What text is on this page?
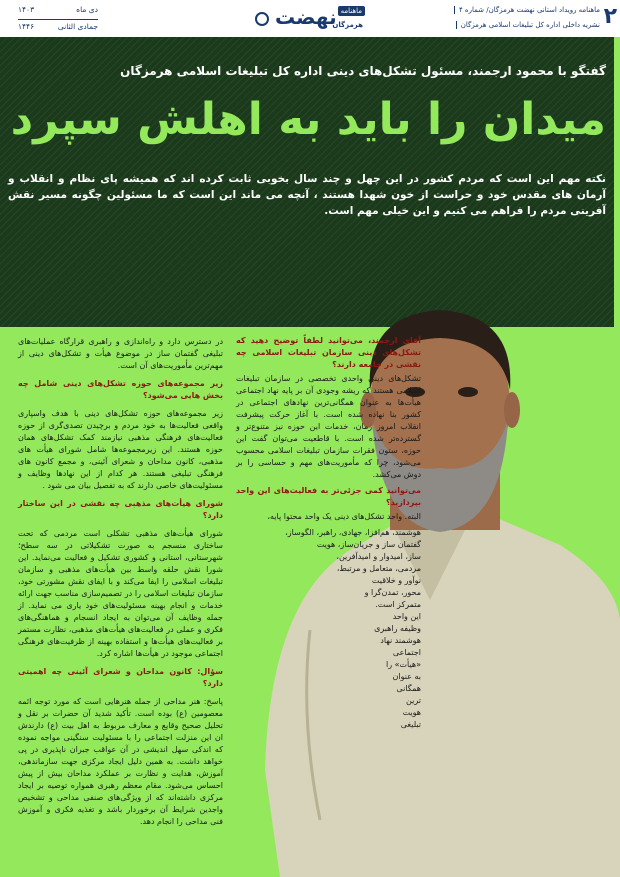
۲
ماهنامه رویداد استانی نهضت هرمزگان/ شماره ۴
نشریه داخلی اداره کل تبلیغات اسلامی هرمزگان
ماهنامه
هرمزگان
نهضت
دی ماه
۱۴۰۳
جمادی الثانی
۱۴۴۶
گفتگو با محمود ارجمند، مسئول تشکل‌های دینی اداره کل تبلیغات اسلامی هرمزگان
میدان را باید به اهلش سپرد
نکته مهم این است که مردم کشور در این چهل و چند سال بخوبی ثابت کرده اند که همیشه پای نظام و انقلاب و آرمان های مقدس خود و حراست از خون شهدا هستند ، آنچه می ماند این است که ما مسئولین چگونه مسیر نقش آفرینی مردم را فراهم می کنیم و این خیلی مهم است.

در دسترس دارد و راه‌اندازی و راهبری قرارگاه عملیات‌های تبلیغی گفتمان ساز در موضوع هیأت و تشکل‌های دینی از مهم‌ترین مأموریت‌های آن است.

زیر مجموعه‌های حوزه تشکل‌های دینی شامل چه بخش هایی می‌شود؟

زیر مجموعه‌های حوزه تشکل‌های دینی با هدف واسپاری واقعی فعالیت‌ها به خود مردم و برچیدن تصدی‌گری از حوزه فعالیت‌های فرهنگی مذهبی نیازمند کمک تشکل‌های همان حوزه هستند. این زیرمجموعه‌ها شامل شورای هیأت های مذهبی، کانون مداحان و شعرای آئینی، و مجمع کانون های فرهنگی تبلیغی هستند. هر کدام از این نهادها وظایف و مسئولیت‌های خاصی دارند که به تفصیل بیان می شود .

شورای هیأت‌های مذهبی چه نقشی در این ساختار دارد؟

شورای هیأت‌های مذهبی تشکلی است مردمی که تحت ساختاری منسجم به صورت تشکیلاتی در سه سطح؛ شهرستانی، استانی و کشوری تشکیل و فعالیت می‌نماید. این شورا نقش حلقه واسط بین هیأت‌های مذهبی و سازمان تبلیغات اسلامی را ایفا می‌کند و با ایفای نقش مشورتی خود، سازمان تبلیغات اسلامی را در تصمیم‌سازی مناسب جهت ارائه خدمات و انجام بهینه مسئولیت‌های خود یاری می نماید. از جمله وظایف آن می‌توان به ایجاد انسجام و هماهنگی‌های فکری و عملی در فعالیت‌های هیأت‌های مذهبی، نظارت مستمر بر فعالیت‌های هیأت‌ها و استفاده بهینه از ظرفیت‌های فرهنگی اجتماعی موجود در هیأت‌ها اشاره کرد.

سؤال: کانون مداحان و شعرای آئینی چه اهمیتی دارد؟

پاسخ: هنر مداحی از جمله هنرهایی است که مورد توجه ائمه معصومین (ع) بوده است. تأکید شدید آن حضرات بر نقل و تحلیل صحیح وقایع و معارف مربوط به اهل بیت (ع) دارندش ان این منزلت اجتماعی را با مسئولیت سنگینی مواجه نموده که اندکی سهل اندیشی در آن عواقب جبران ناپذیری در پی خواهد داشت. به همین دلیل ایجاد مرکزی جهت سازماندهی، آموزش، هدایت و نظارت بر عملکرد مداحان بیش از پیش احساس می‌شود. مقام معظم رهبری همواره توصیه بر ایجاد مرکزی داشته‌اند که از ویژگی‌های صنفی مداحی و تشخیص واجدین شرایط آن برخوردار باشد و تغذیه فکری و آموزش فنی مداحی را انجام دهد.

آقای ارجمند، می‌توانید لطفاً توضیح دهید که تشکل‌های دینی سازمان تبلیغات اسلامی چه نقشی در جامعه دارند؟

تشکل‌های دینی واحدی تخصصی در سازمان تبلیغات اسلامی هستند که ریشه وجودی آن بر پایه نهاد اجتماعی هیأت‌ها به عنوان همگانی‌ترین نهادهای اجتماعی در کشور بنا نهاده شده است. با آغاز حرکت پیشرفت انقلاب امروز زمان، خدمات این حوزه نیز متنوع‌تر و گسترده‌تر شده است. با قاطعیت می‌توان گفت این حوزه، ستون فقرات سازمان تبلیغات اسلامی محسوب می‌شود، چرا که مأموریت‌های مهم و حساسی را بر دوش می‌کشد.

می‌توانید کمی جزئی‌تر به فعالیت‌های این واحد بپردازید؟

البته. واحد تشکل‌های دینی یک واحد محتوا پایه،
هوشمند، هم‌افزا، جهادی، راهبر، الگوساز،
گفتمان ساز و جریان‌ساز، هویت
ساز، امیدوار و امیدآفرین،
مردمی، متعامل و مرتبط،
نوآور و خلاقیت
محور، تمدن‌گرا و
متمرکز است.
این واحد
وظیفه راهبری
هوشمند نهاد
اجتماعی
«هیأت» را
به عنوان
همگانی
ترین
هویت
تبلیغی
